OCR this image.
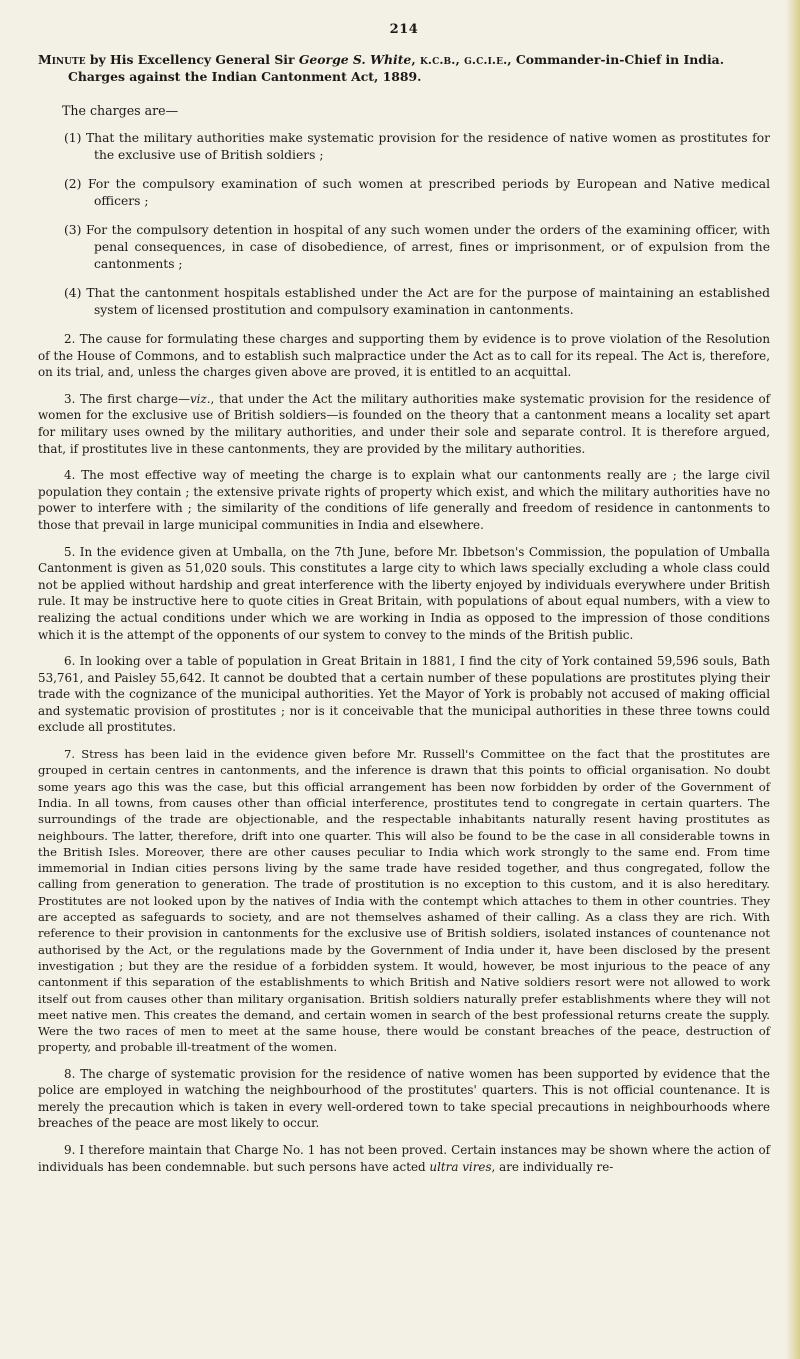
214
Minute by His Excellency General Sir George S. White, k.c.b., g.c.i.e., Commander-in-Chief in India.
Charges against the Indian Cantonment Act, 1889.
The charges are—
(1) That the military authorities make systematic provision for the residence of native women as prostitutes for the exclusive use of British soldiers ;
(2) For the compulsory examination of such women at prescribed periods by European and Native medical officers ;
(3) For the compulsory detention in hospital of any such women under the orders of the examining officer, with penal consequences, in case of disobedience, of arrest, fines or imprisonment, or of expulsion from the cantonments ;
(4) That the cantonment hospitals established under the Act are for the purpose of maintaining an established system of licensed prostitution and compulsory examination in cantonments.

2. The cause for formulating these charges and supporting them by evidence is to prove violation of the Resolution of the House of Commons, and to establish such malpractice under the Act as to call for its repeal. The Act is, therefore, on its trial, and, unless the charges given above are proved, it is entitled to an acquittal.

3. The first charge—viz., that under the Act the military authorities make systematic provision for the residence of women for the exclusive use of British soldiers—is founded on the theory that a cantonment means a locality set apart for military uses owned by the military authorities, and under their sole and separate control. It is therefore argued, that, if prostitutes live in these cantonments, they are provided by the military authorities.

4. The most effective way of meeting the charge is to explain what our cantonments really are ; the large civil population they contain ; the extensive private rights of property which exist, and which the military authorities have no power to interfere with ; the similarity of the conditions of life generally and freedom of residence in cantonments to those that prevail in large municipal communities in India and elsewhere.

5. In the evidence given at Umballa, on the 7th June, before Mr. Ibbetson's Commission, the population of Umballa Cantonment is given as 51,020 souls. This constitutes a large city to which laws specially excluding a whole class could not be applied without hardship and great interference with the liberty enjoyed by individuals everywhere under British rule. It may be instructive here to quote cities in Great Britain, with populations of about equal numbers, with a view to realizing the actual conditions under which we are working in India as opposed to the impression of those conditions which it is the attempt of the opponents of our system to convey to the minds of the British public.

6. In looking over a table of population in Great Britain in 1881, I find the city of York contained 59,596 souls, Bath 53,761, and Paisley 55,642. It cannot be doubted that a certain number of these populations are prostitutes plying their trade with the cognizance of the municipal authorities. Yet the Mayor of York is probably not accused of making official and systematic provision of prostitutes ; nor is it conceivable that the municipal authorities in these three towns could exclude all prostitutes.

7. Stress has been laid in the evidence given before Mr. Russell's Committee on the fact that the prostitutes are grouped in certain centres in cantonments, and the inference is drawn that this points to official organisation. No doubt some years ago this was the case, but this official arrangement has been now forbidden by order of the Government of India. In all towns, from causes other than official interference, prostitutes tend to congregate in certain quarters. The surroundings of the trade are objectionable, and the respectable inhabitants naturally resent having prostitutes as neighbours. The latter, therefore, drift into one quarter. This will also be found to be the case in all considerable towns in the British Isles. Moreover, there are other causes peculiar to India which work strongly to the same end. From time immemorial in Indian cities persons living by the same trade have resided together, and thus congregated, follow the calling from generation to generation. The trade of prostitution is no exception to this custom, and it is also hereditary. Prostitutes are not looked upon by the natives of India with the contempt which attaches to them in other countries. They are accepted as safeguards to society, and are not themselves ashamed of their calling. As a class they are rich. With reference to their provision in cantonments for the exclusive use of British soldiers, isolated instances of countenance not authorised by the Act, or the regulations made by the Government of India under it, have been disclosed by the present investigation ; but they are the residue of a forbidden system. It would, however, be most injurious to the peace of any cantonment if this separation of the establishments to which British and Native soldiers resort were not allowed to work itself out from causes other than military organisation. British soldiers naturally prefer establishments where they will not meet native men. This creates the demand, and certain women in search of the best professional returns create the supply. Were the two races of men to meet at the same house, there would be constant breaches of the peace, destruction of property, and probable ill-treatment of the women.

8. The charge of systematic provision for the residence of native women has been supported by evidence that the police are employed in watching the neighbourhood of the prostitutes' quarters. This is not official countenance. It is merely the precaution which is taken in every well-ordered town to take special precautions in neighbourhoods where breaches of the peace are most likely to occur.

9. I therefore maintain that Charge No. 1 has not been proved. Certain instances may be shown where the action of individuals has been condemnable. but such persons have acted ultra vires, are individually re-
